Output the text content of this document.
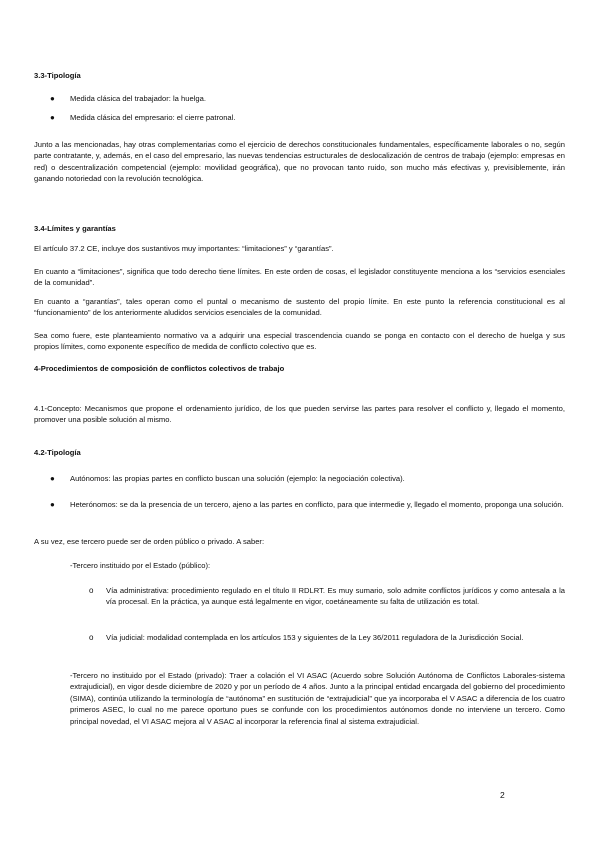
3.3-Tipología

● Medida clásica del trabajador: la huelga.

● Medida clásica del empresario: el cierre patronal.

Junto a las mencionadas, hay otras complementarias como el ejercicio de derechos constitucionales fundamentales, específicamente laborales o no, según parte contratante, y, además, en el caso del empresario, las nuevas tendencias estructurales de deslocalización de centros de trabajo (ejemplo: empresas en red) o descentralización competencial (ejemplo: movilidad geográfica), que no provocan tanto ruido, son mucho más efectivas y, previsiblemente, irán ganando notoriedad con la revolución tecnológica.

3.4-Límites y garantías

El artículo 37.2 CE, incluye dos sustantivos muy importantes: “limitaciones” y “garantías”.

En cuanto a “limitaciones”, significa que todo derecho tiene límites. En este orden de cosas, el legislador constituyente menciona a los “servicios esenciales de la comunidad”.

En cuanto a “garantías”, tales operan como el puntal o mecanismo de sustento del propio límite. En este punto la referencia constitucional es al “funcionamiento” de los anteriormente aludidos servicios esenciales de la comunidad.

Sea como fuere, este planteamiento normativo va a adquirir una especial trascendencia cuando se ponga en contacto con el derecho de huelga y sus propios límites, como exponente específico de medida de conflicto colectivo que es.

4-Procedimientos de composición de conflictos colectivos de trabajo

4.1-Concepto: Mecanismos que propone el ordenamiento jurídico, de los que pueden servirse las partes para resolver el conflicto y, llegado el momento, promover una posible solución al mismo.

4.2-Tipología

● Autónomos: las propias partes en conflicto buscan una solución (ejemplo: la negociación colectiva).

● Heterónomos: se da la presencia de un tercero, ajeno a las partes en conflicto, para que intermedie y, llegado el momento, proponga una solución.

A su vez, ese tercero puede ser de orden público o privado. A saber:

-Tercero instituido por el Estado (público):

o Vía administrativa: procedimiento regulado en el título II RDLRT. Es muy sumario, solo admite conflictos jurídicos y como antesala a la vía procesal. En la práctica, ya aunque está legalmente en vigor, coetáneamente su falta de utilización es total.

o Vía judicial: modalidad contemplada en los artículos 153 y siguientes de la Ley 36/2011 reguladora de la Jurisdicción Social.

-Tercero no instituido por el Estado (privado): Traer a colación el VI ASAC (Acuerdo sobre Solución Autónoma de Conflictos Laborales-sistema extrajudicial), en vigor desde diciembre de 2020 y por un período de 4 años. Junto a la principal entidad encargada del gobierno del procedimiento (SIMA), continúa utilizando la terminología de “autónoma” en sustitución de “extrajudicial” que ya incorporaba el V ASAC a diferencia de los cuatro primeros ASEC, lo cual no me parece oportuno pues se confunde con los procedimientos autónomos donde no interviene un tercero. Como principal novedad, el VI ASAC mejora al V ASAC al incorporar la referencia final al sistema extrajudicial.

2
